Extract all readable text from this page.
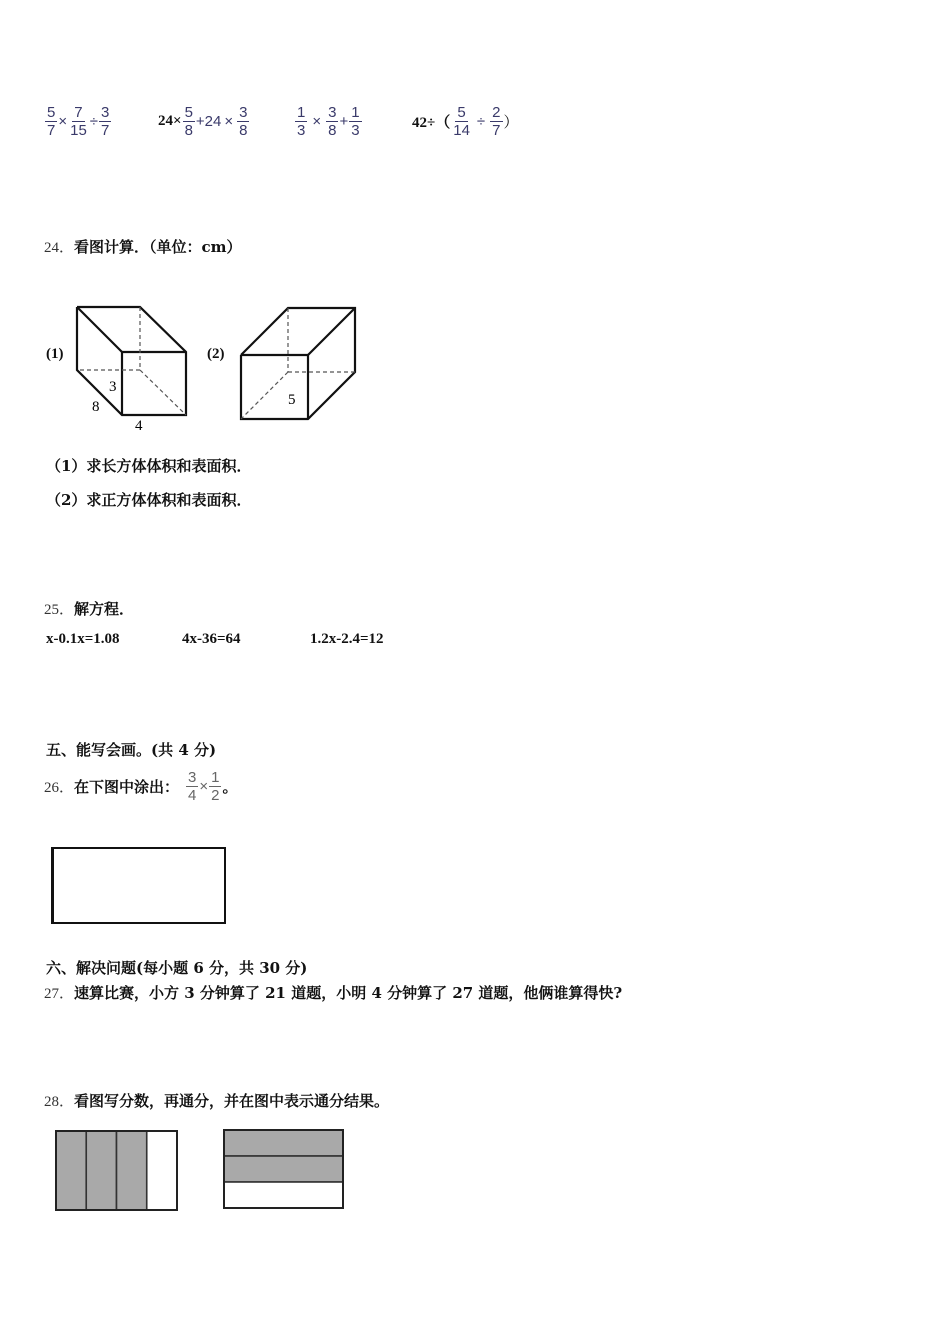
$\frac{5}{7} \times \frac{7}{15} \div \frac{3}{7}$	$24\times \frac{5}{8} +24 \times \frac{3}{8}$	$\frac{1}{3} \times \frac{3}{8} + \frac{1}{3}$	$42\div( \frac{5}{14} \div \frac{2}{7}$ ）
24．看图计算．（单位：cm）
(1)	(2)
3
8
4
5
（1）求长方体体积和表面积．
（2）求正方体体积和表面积．
25．解方程．
x-0.1x=1.08	4x-36=64	1.2x-2.4=12
五、能写会画。(共 4 分)
26． 在下图中涂出： $\frac{3}{4} \times \frac{1}{2}$ 。
六、解决问题(每小题 6 分，共 30 分)
27．速算比赛，小方 3 分钟算了 21 道题，小明 4 分钟算了 27 道题，他俩谁算得快?
28．看图写分数，再通分，并在图中表示通分结果。
